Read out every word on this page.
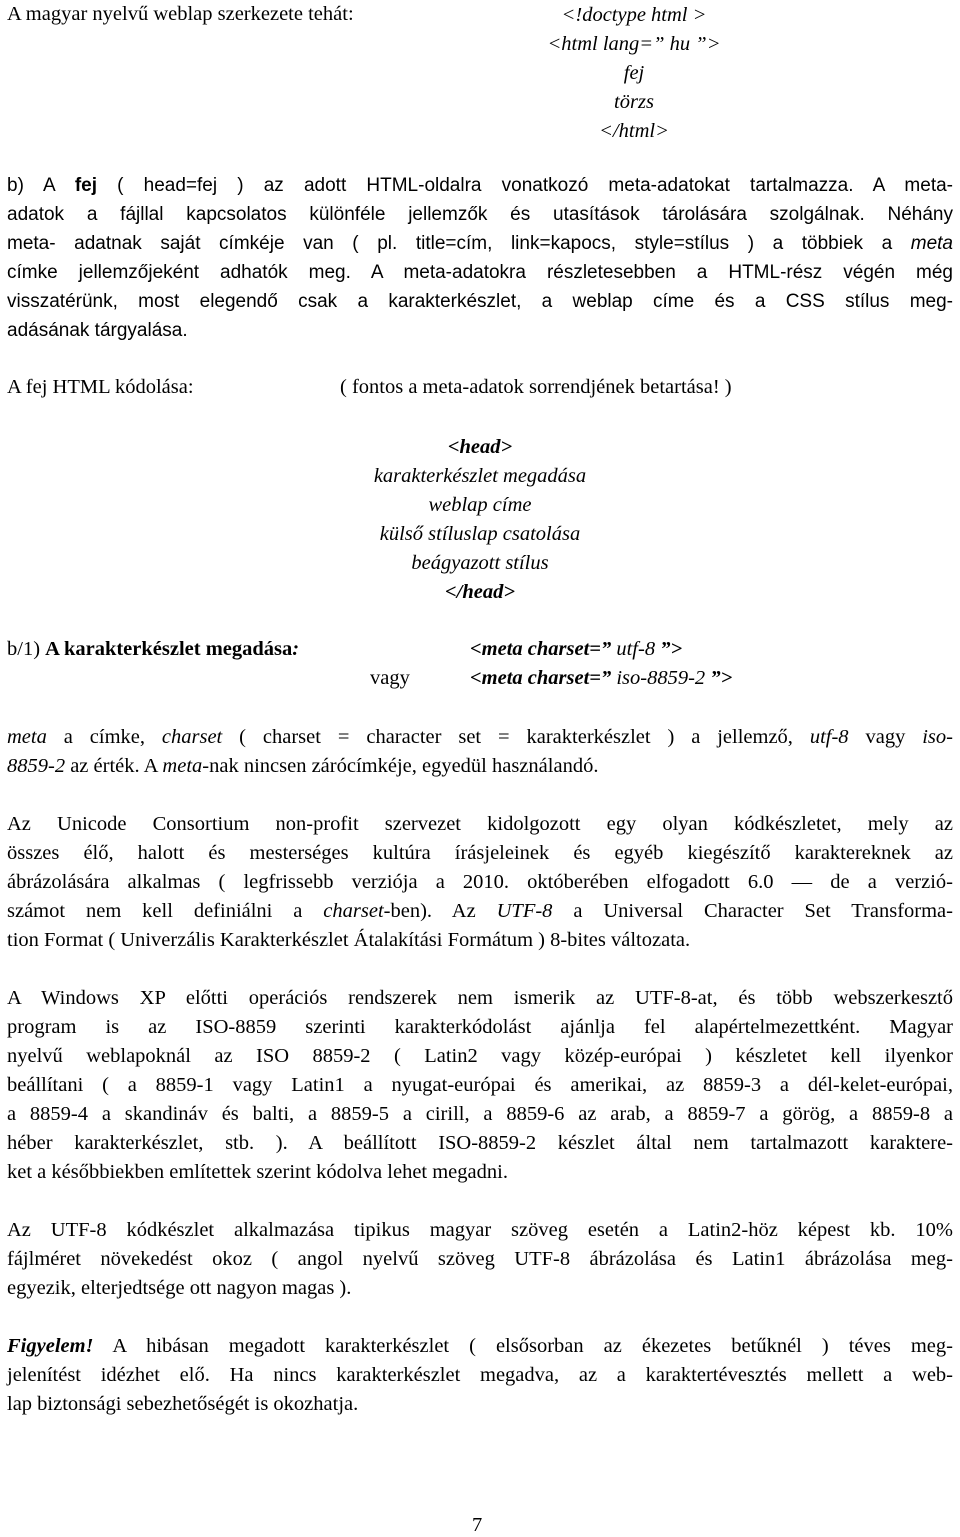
A magyar nyelvű weblap szerkezete tehát:	<!doctype html >
<html lang=” hu ”>
fej
törzs
</html>
b) A fej ( head=fej ) az adott HTML-oldalra vonatkozó meta-adatokat tartalmazza. A meta-
adatok a fájllal kapcsolatos különféle jellemzők és utasítások tárolására szolgálnak. Néhány
meta- adatnak saját címkéje van ( pl. title=cím, link=kapocs, style=stílus ) a többiek a meta
címke jellemzőjeként adhatók meg. A meta-adatokra részletesebben a HTML-rész végén még
visszatérünk, most elegendő csak a karakterkészlet, a weblap címe és a CSS stílus meg-
adásának tárgyalása.
A fej HTML kódolása:	( fontos a meta-adatok sorrendjének betartása! )
<head>
karakterkészlet megadása
weblap címe
külső stíluslap csatolása
beágyazott stílus
</head>
b/1) A karakterkészlet megadása:	<meta charset=” utf-8 ”>
vagy	<meta charset=” iso-8859-2 ”>
meta a címke, charset ( charset = character set = karakterkészlet ) a jellemző, utf-8 vagy iso-
8859-2 az érték. A meta-nak nincsen zárócímkéje, egyedül használandó.
Az Unicode Consortium non-profit szervezet kidolgozott egy olyan kódkészletet, mely az
összes élő, halott és mesterséges kultúra írásjeleinek és egyéb kiegészítő karaktereknek az
ábrázolására alkalmas ( legfrissebb verziója a 2010. októberében elfogadott 6.0 — de a verzió-
számot nem kell definiálni a charset-ben). Az UTF-8 a Universal Character Set Transforma-
tion Format ( Univerzális Karakterkészlet Átalakítási Formátum ) 8-bites változata.
A Windows XP előtti operációs rendszerek nem ismerik az UTF-8-at, és több webszerkesztő
program is az ISO-8859 szerinti karakterkódolást ajánlja fel alapértelmezettként. Magyar
nyelvű weblapoknál az ISO 8859-2 ( Latin2 vagy közép-európai ) készletet kell ilyenkor
beállítani ( a 8859-1 vagy Latin1 a nyugat-európai és amerikai, az 8859-3 a dél-kelet-európai,
a 8859-4 a skandináv és balti, a 8859-5 a cirill, a 8859-6 az arab, a 8859-7 a görög, a 8859-8 a
héber karakterkészlet, stb. ). A beállított ISO-8859-2 készlet által nem tartalmazott karaktere-
ket a későbbiekben említettek szerint kódolva lehet megadni.
Az UTF-8 kódkészlet alkalmazása tipikus magyar szöveg esetén a Latin2-höz képest kb. 10%
fájlméret növekedést okoz ( angol nyelvű szöveg UTF-8 ábrázolása és Latin1 ábrázolása meg-
egyezik, elterjedtsége ott nagyon magas ).
Figyelem! A hibásan megadott karakterkészlet ( elsősorban az ékezetes betűknél ) téves meg-
jelenítést idézhet elő. Ha nincs karakterkészlet megadva, az a karaktertévesztés mellett a web-
lap biztonsági sebezhetőségét is okozhatja.
7
